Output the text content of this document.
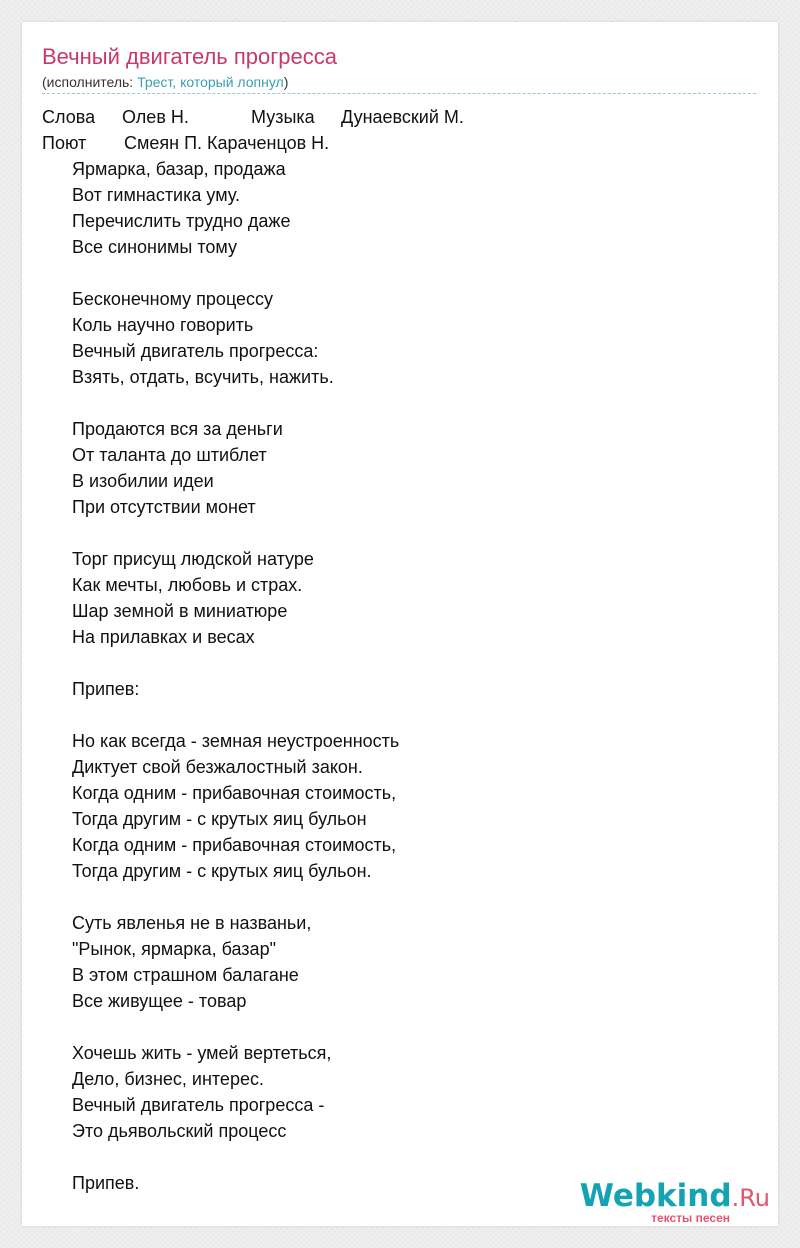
Вечный двигатель прогресса
(исполнитель: Трест, который лопнул)
Слова Олев Н.	Музыка Дунаевский М.
Поют Смеян П. Караченцов Н.
Ярмарка, базар, продажа
Вот гимнастика уму.
Перечислить трудно даже
Все синонимы тому
Бесконечному процессу
Коль научно говорить
Вечный двигатель прогресса:
Взять, отдать, всучить, нажить.
Продаются вся за деньги
От таланта до штиблет
В изобилии идеи
При отсутствии монет
Торг присущ людской натуре
Как мечты, любовь и страх.
Шар земной в миниатюре
На прилавках и весах
Припев:
Но как всегда - земная неустроенность
Диктует свой безжалостный закон.
Когда одним - прибавочная стоимость,
Тогда другим - с крутых яиц бульон
Когда одним - прибавочная стоимость,
Тогда другим - с крутых яиц бульон.
Суть явленья не в названьи,
"Рынок, ярмарка, базар"
В этом страшном балагане
Все живущее - товар
Хочешь жить - умей вертеться,
Дело, бизнес, интерес.
Вечный двигатель прогресса -
Это дьявольский процесс
Припев.	Webkind.Ru
тексты песен
